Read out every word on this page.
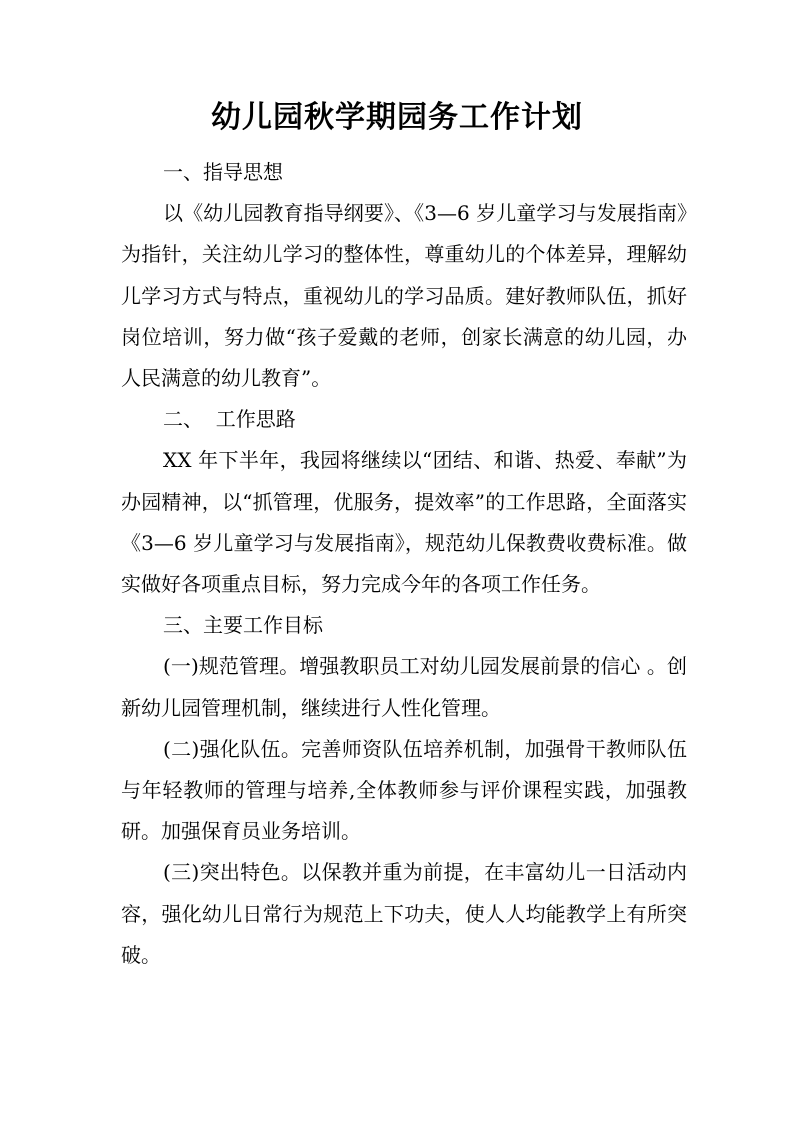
幼儿园秋学期园务工作计划

一、指导思想

以《幼儿园教育指导纲要》、《3—6 岁儿童学习与发展指南》为指针，关注幼儿学习的整体性，尊重幼儿的个体差异，理解幼儿学习方式与特点，重视幼儿的学习品质。建好教师队伍，抓好岗位培训，努力做“孩子爱戴的老师，创家长满意的幼儿园，办人民满意的幼儿教育”。

二、  工作思路

XX 年下半年，我园将继续以“团结、和谐、热爱、奉献”为办园精神，以“抓管理，优服务，提效率”的工作思路，全面落实《3—6 岁儿童学习与发展指南》，规范幼儿保教费收费标准。做实做好各项重点目标，努力完成今年的各项工作任务。

三、主要工作目标

(一)规范管理。增强教职员工对幼儿园发展前景的信心 。创新幼儿园管理机制，继续进行人性化管理。

(二)强化队伍。完善师资队伍培养机制，加强骨干教师队伍与年轻教师的管理与培养,全体教师参与评价课程实践，加强教研。加强保育员业务培训。

(三)突出特色。以保教并重为前提，在丰富幼儿一日活动内容，强化幼儿日常行为规范上下功夫，使人人均能教学上有所突破。
